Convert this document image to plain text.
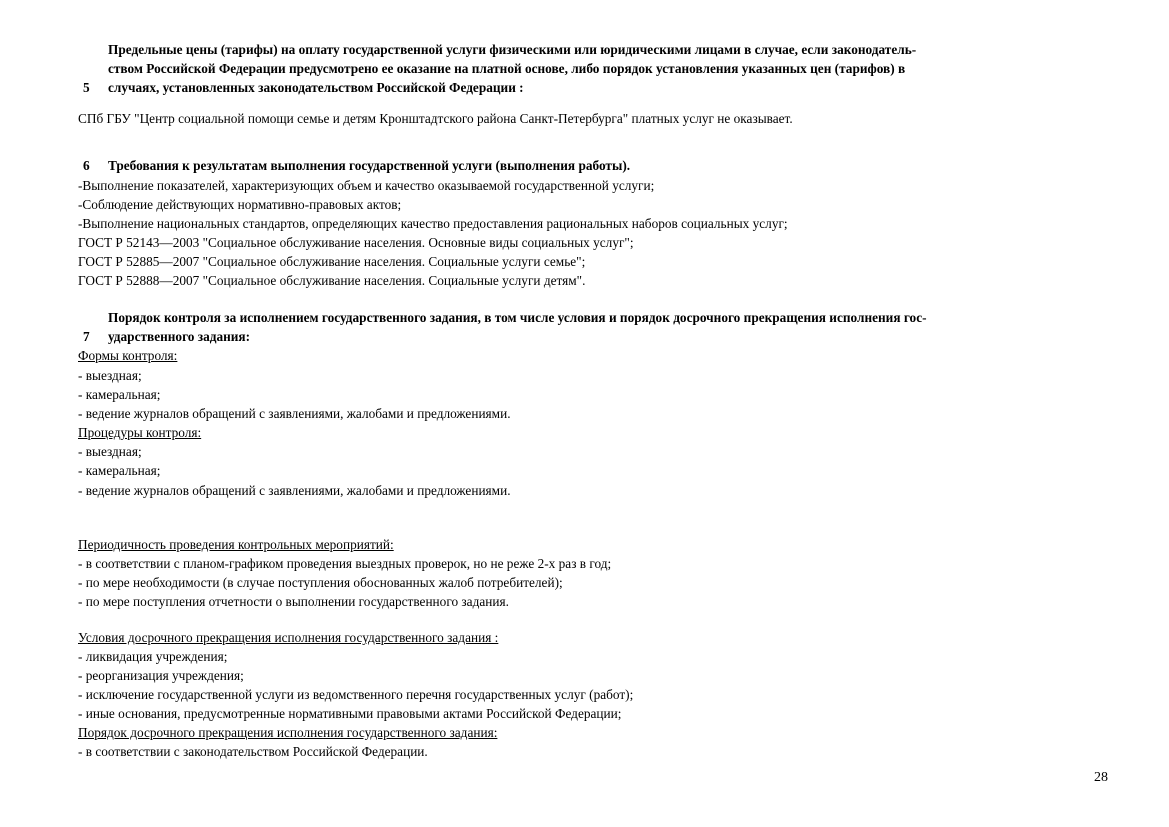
5
Предельные цены (тарифы) на оплату государственной услуги физическими или юридическими лицами в случае, если законодатель-
ством Российской Федерации предусмотрено ее оказание на платной основе, либо порядок установления указанных цен (тарифов) в
случаях, установленных законодательством Российской Федерации :
СПб ГБУ "Центр социальной помощи семье и детям Кронштадтского района Санкт-Петербурга" платных услуг не оказывает.
6	Требования к результатам выполнения государственной услуги (выполнения работы).
-Выполнение показателей, характеризующих объем и качество оказываемой государственной услуги;
-Соблюдение действующих нормативно-правовых актов;
-Выполнение национальных стандартов, определяющих качество предоставления рациональных наборов социальных услуг;
ГОСТ Р 52143—2003 "Социальное обслуживание населения. Основные виды социальных услуг";
ГОСТ Р 52885—2007 "Социальное обслуживание населения. Социальные услуги семье";
ГОСТ Р 52888—2007 "Социальное обслуживание населения. Социальные услуги детям".
7
Порядок контроля за исполнением государственного задания, в том числе условия и порядок досрочного прекращения исполнения гос-
ударственного задания:
Формы контроля:
- выездная;
- камеральная;
- ведение журналов обращений с заявлениями, жалобами и предложениями.
Процедуры контроля:
- выездная;
- камеральная;
- ведение журналов обращений с заявлениями, жалобами и предложениями.
Периодичность проведения контрольных мероприятий:
- в соответствии с планом-графиком проведения выездных проверок, но не реже 2-х раз в год;
- по мере необходимости (в случае поступления обоснованных жалоб потребителей);
- по мере поступления отчетности о выполнении государственного задания.
Условия досрочного прекращения исполнения государственного задания :
- ликвидация учреждения;
- реорганизация учреждения;
- исключение государственной услуги из ведомственного перечня государственных услуг (работ);
- иные основания, предусмотренные нормативными правовыми актами Российской Федерации;
Порядок досрочного прекращения исполнения государственного задания:
- в соответствии с законодательством Российской Федерации.
28
